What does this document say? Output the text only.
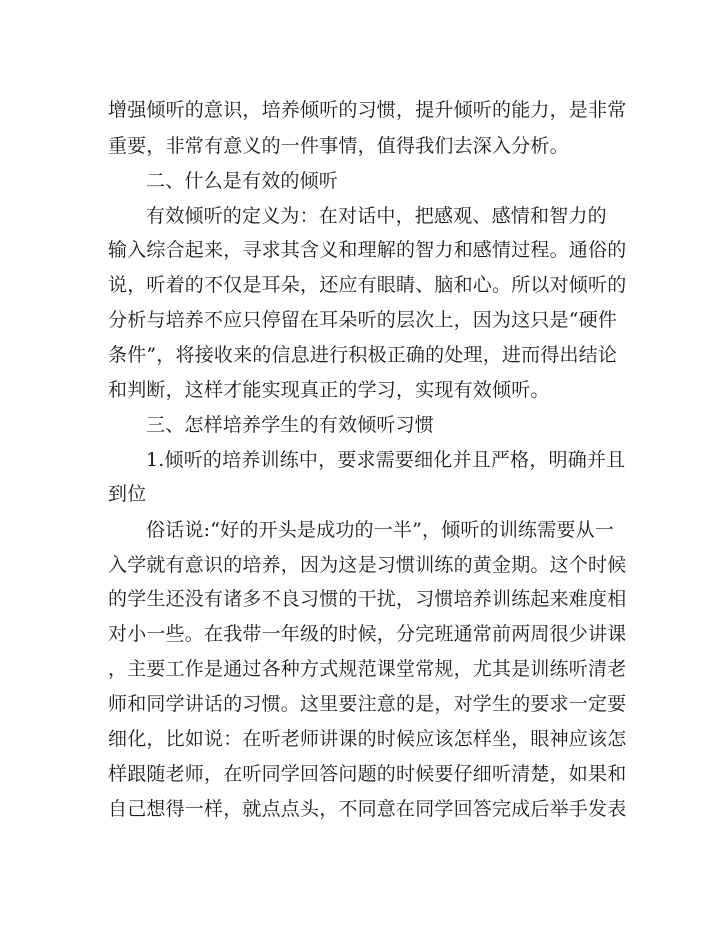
增强倾听的意识，培养倾听的习惯，提升倾听的能力，是非常
重要，非常有意义的一件事情，值得我们去深入分析。
二、什么是有效的倾听
有效倾听的定义为：在对话中，把感观、感情和智力的
输入综合起来，寻求其含义和理解的智力和感情过程。通俗的
说，听着的不仅是耳朵，还应有眼睛、脑和心。所以对倾听的
分析与培养不应只停留在耳朵听的层次上，因为这只是“硬件
条件”，将接收来的信息进行积极正确的处理，进而得出结论
和判断，这样才能实现真正的学习，实现有效倾听。
三、怎样培养学生的有效倾听习惯
1.倾听的培养训练中，要求需要细化并且严格，明确并且
到位
俗话说:“好的开头是成功的一半”，倾听的训练需要从一
入学就有意识的培养，因为这是习惯训练的黄金期。这个时候
的学生还没有诸多不良习惯的干扰，习惯培养训练起来难度相
对小一些。在我带一年级的时候，分完班通常前两周很少讲课
，主要工作是通过各种方式规范课堂常规，尤其是训练听清老
师和同学讲话的习惯。这里要注意的是，对学生的要求一定要
细化，比如说：在听老师讲课的时候应该怎样坐，眼神应该怎
样跟随老师，在听同学回答问题的时候要仔细听清楚，如果和
自己想得一样，就点点头，不同意在同学回答完成后举手发表
